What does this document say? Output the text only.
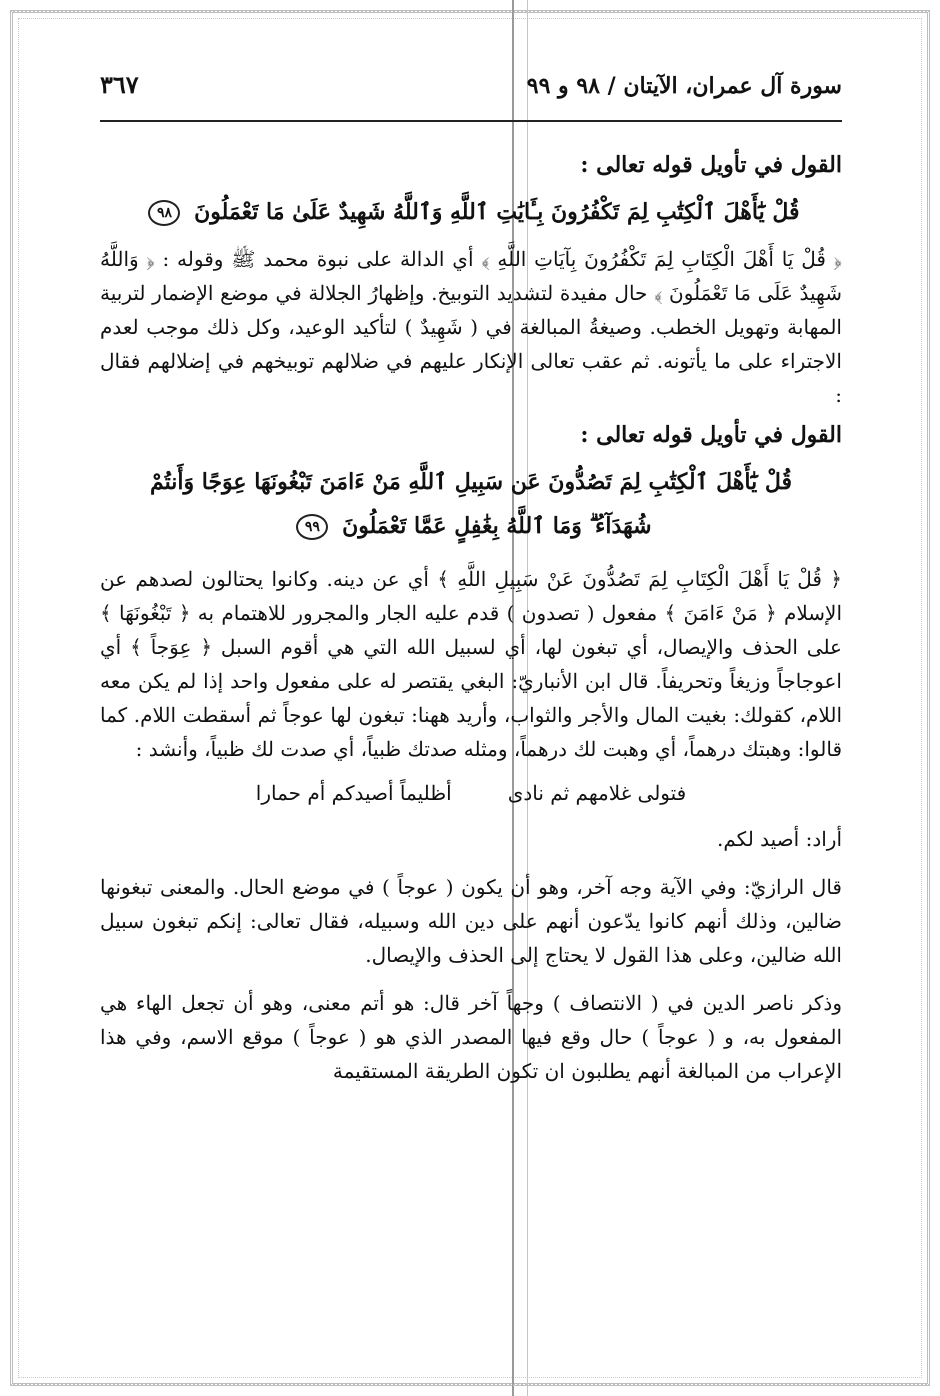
سورة آل عمران، الآيتان / ٩٨ و ٩٩
٣٦٧
القول في تأويل قوله تعالى :
قُلْ يَٰٓأَهْلَ ٱلْكِتَٰبِ لِمَ تَكْفُرُونَ بِـَٔايَٰتِ ٱللَّهِ وَٱللَّهُ شَهِيدٌ عَلَىٰ مَا تَعْمَلُونَ ٩٨

﴿ قُلْ يَا أَهْلَ الْكِتَابِ لِمَ تَكْفُرُونَ بِآيَاتِ اللَّهِ ﴾ أي الدالة على نبوة محمد ﷺ وقوله : ﴿ وَاللَّهُ شَهِيدٌ عَلَى مَا تَعْمَلُونَ ﴾ حال مفيدة لتشديد التوبيخ. وإظهارُ الجلالة في موضع الإضمار لتربية المهابة وتهويل الخطب. وصيغةُ المبالغة في ( شَهِيدٌ ) لتأكيد الوعيد، وكل ذلك موجب لعدم الاجتراء على ما يأتونه. ثم عقب تعالى الإنكار عليهم في ضلالهم توبيخهم في إضلالهم فقال :

القول في تأويل قوله تعالى :
قُلْ يَٰٓأَهْلَ ٱلْكِتَٰبِ لِمَ تَصُدُّونَ عَن سَبِيلِ ٱللَّهِ مَنْ ءَامَنَ تَبْغُونَهَا عِوَجًا وَأَنتُمْ
شُهَدَآءُ ۗ وَمَا ٱللَّهُ بِغَٰفِلٍ عَمَّا تَعْمَلُونَ ٩٩

﴿ قُلْ يَا أَهْلَ الْكِتَابِ لِمَ تَصُدُّونَ عَنْ سَبِيلِ اللَّهِ ﴾ أي عن دينه. وكانوا يحتالون لصدهم عن الإسلام ﴿ مَنْ ءَامَنَ ﴾ مفعول ( تصدون ) قدم عليه الجار والمجرور للاهتمام به ﴿ تَبْغُونَهَا ﴾ على الحذف والإيصال، أي تبغون لها، أي لسبيل الله التي هي أقوم السبل ﴿ عِوَجاً ﴾ أي اعوجاجاً وزيغاً وتحريفاً. قال ابن الأنباريّ: البغي يقتصر له على مفعول واحد إذا لم يكن معه اللام، كقولك: بغيت المال والأجر والثواب، وأريد ههنا: تبغون لها عوجاً ثم أسقطت اللام. كما قالوا: وهبتك درهماً، أي وهبت لك درهماً، ومثله صدتك ظبياً، أي صدت لك ظبياً، وأنشد :

فتولى غلامهم ثم نادى
أظليماً أصيدكم أم حمارا

أراد: أصيد لكم.

قال الرازيّ: وفي الآية وجه آخر، وهو أن يكون ( عوجاً ) في موضع الحال. والمعنى تبغونها ضالين، وذلك أنهم كانوا يدّعون أنهم على دين الله وسبيله، فقال تعالى: إنكم تبغون سبيل الله ضالين، وعلى هذا القول لا يحتاج إلى الحذف والإيصال.

وذكر ناصر الدين في ( الانتصاف ) وجهاً آخر قال: هو أتم معنى، وهو أن تجعل الهاء هي المفعول به، و ( عوجاً ) حال وقع فيها المصدر الذي هو ( عوجاً ) موقع الاسم، وفي هذا الإعراب من المبالغة أنهم يطلبون ان تكون الطريقة المستقيمة
